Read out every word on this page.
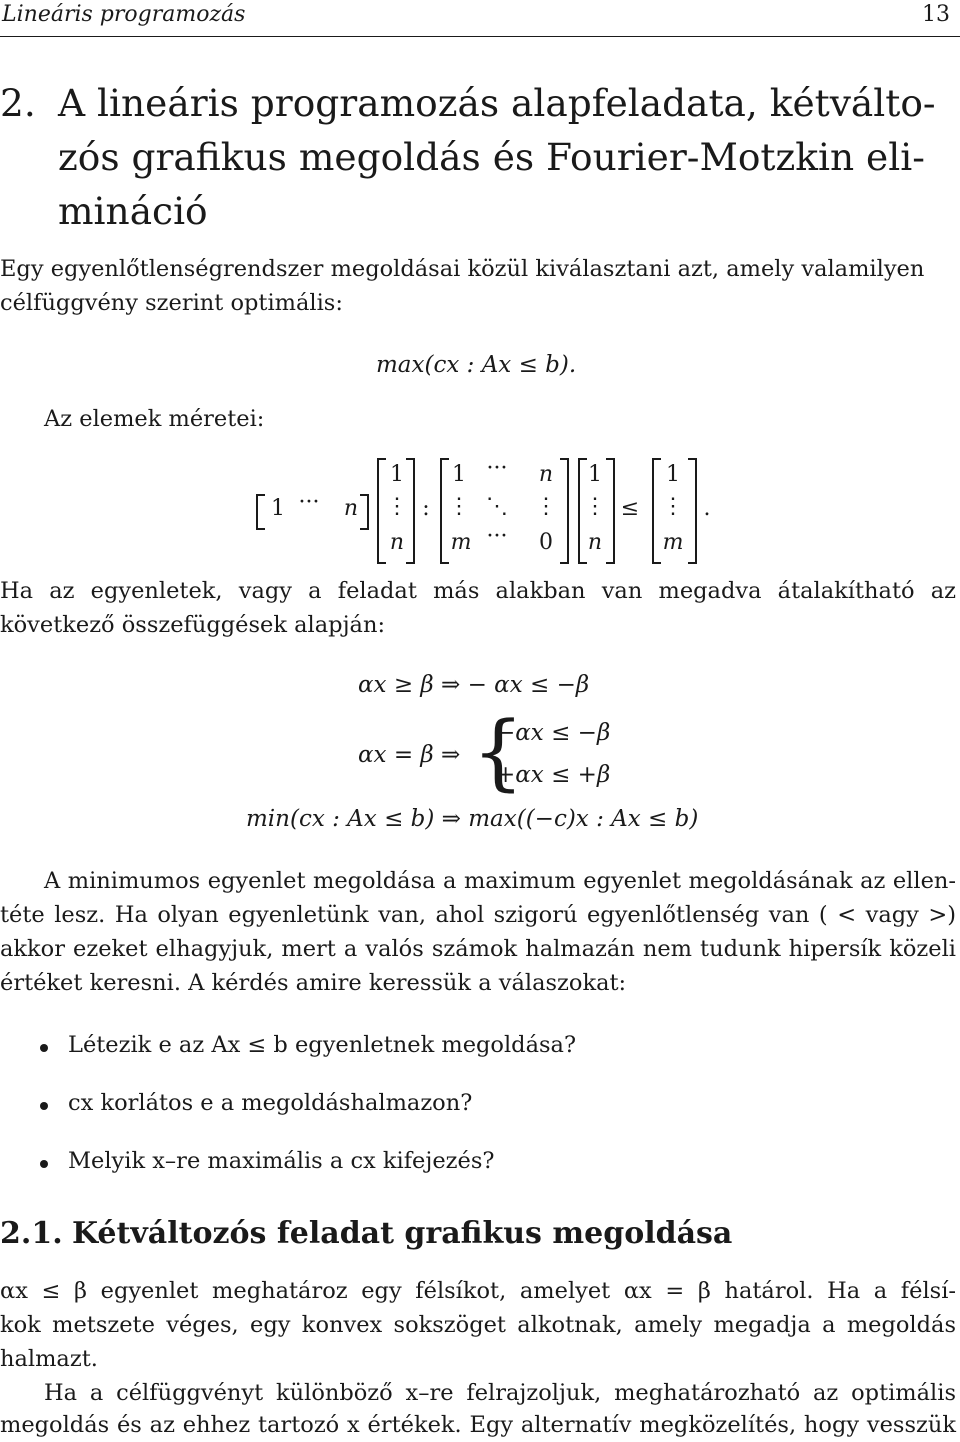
Lineáris programozás	13
2. A lineáris programozás alapfeladata, kétválto-
zós grafikus megoldás és Fourier-Motzkin eli-
mináció
Egy egyenlőtlenségrendszer megoldásai közül kiválasztani azt, amely valamilyen
célfüggvény szerint optimális:
max(cx : Ax ≤ b).
Az elemek méretei:
1 ··· n
1
⋮
n
:
1 ··· n
⋮ ⋱ ⋮
m ··· 0
1
⋮
n
≤
1
⋮
m
.
Ha az egyenletek, vagy a feladat más alakban van megadva átalakítható az
következő összefüggések alapján:
αx ≥ β ⇒ − αx ≤ −β
αx = β ⇒ {
−αx ≤ −β
+αx ≤ +β
min(cx : Ax ≤ b) ⇒ max((−c)x : Ax ≤ b)
A minimumos egyenlet megoldása a maximum egyenlet megoldásának az ellen-
téte lesz. Ha olyan egyenletünk van, ahol szigorú egyenlőtlenség van ( < vagy >)
akkor ezeket elhagyjuk, mert a valós számok halmazán nem tudunk hipersík közeli
értéket keresni. A kérdés amire keressük a válaszokat:
Létezik e az Ax ≤ b egyenletnek megoldása?
cx korlátos e a megoldáshalmazon?
Melyik x–re maximális a cx kifejezés?
2.1. Kétváltozós feladat grafikus megoldása
αx ≤ β egyenlet meghatároz egy félsíkot, amelyet αx = β határol. Ha a félsí-
kok metszete véges, egy konvex sokszöget alkotnak, amely megadja a megoldás
halmazt.
Ha a célfüggvényt különböző x–re felrajzoljuk, meghatározható az optimális
megoldás és az ehhez tartozó x értékek. Egy alternatív megközelítés, hogy vesszük
